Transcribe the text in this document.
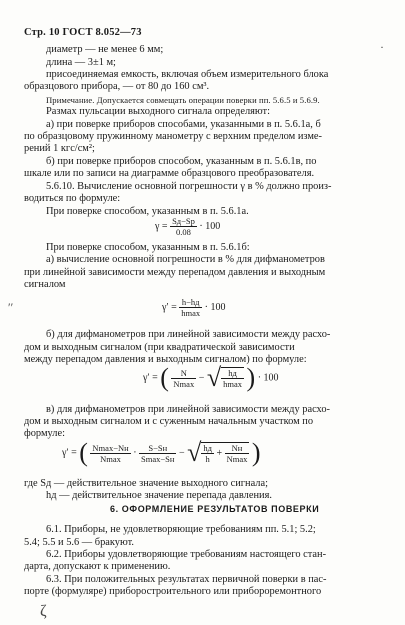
Стр. 10 ГОСТ 8.052—73
диаметр — не менее 6 мм;
длина — 3±1 м;
присоединяемая емкость, включая объем измерительного блока
образцового прибора, — от 80 до 160 см³.
Примечание. Допускается совмещать операции поверки пп. 5.6.5 и 5.6.9.
Размах пульсации выходного сигнала определяют:
а) при поверке приборов способами, указанными в п. 5.6.1а, б
по образцовому пружинному манометру с верхним пределом изме-
рений 1 кгс/см²;
б) при поверке приборов способом, указанным в п. 5.6.1в, по
шкале или по записи на диаграмме образцового преобразователя.
5.6.10. Вычисление основной погрешности γ в % должно произ-
водиться по формуле:
При поверке способом, указанным в п. 5.6.1а.
$\gamma = \frac{Sд-Sр}{0.08} \cdot 100$
При поверке способом, указанным в п. 5.6.1б:
а) вычисление основной погрешности в % для дифманометров
при линейной зависимости между перепадом давления и выходным
сигналом
$\gamma' = \frac{h-hд}{hmax} \cdot 100$
б) для дифманометров при линейной зависимости между расхо-
дом и выходным сигналом (при квадратической зависимости
между перепадом давления и выходным сигналом) по формуле:
γ′ = ( $\frac{N}{Nmax}$ − √ $\frac{hд}{hmax}$ ) · 100
в) для дифманометров при линейной зависимости между расхо-
дом и выходным сигналом и с суженным начальным участком по
формуле:
γ′ = ( $\frac{Nmax-Nн}{Nmax} \cdot \frac{S-Sн}{Smax-Sн}$ − √ $\frac{hд}{h} + \frac{Nн}{Nmax}$ )
где Sд — действительное значение выходного сигнала;
hд — действительное значение перепада давления.
6. ОФОРМЛЕНИЕ РЕЗУЛЬТАТОВ ПОВЕРКИ
6.1. Приборы, не удовлетворяющие требованиям пп. 5.1; 5.2;
5.4; 5.5 и 5.6 — бракуют.
6.2. Приборы удовлетворяющие требованиям настоящего стан-
дарта, допускают к применению.
6.3. При положительных результатах первичной поверки в пас-
порте (формуляре) приборостроительного или приборoремонтного
·
′′
ζ
